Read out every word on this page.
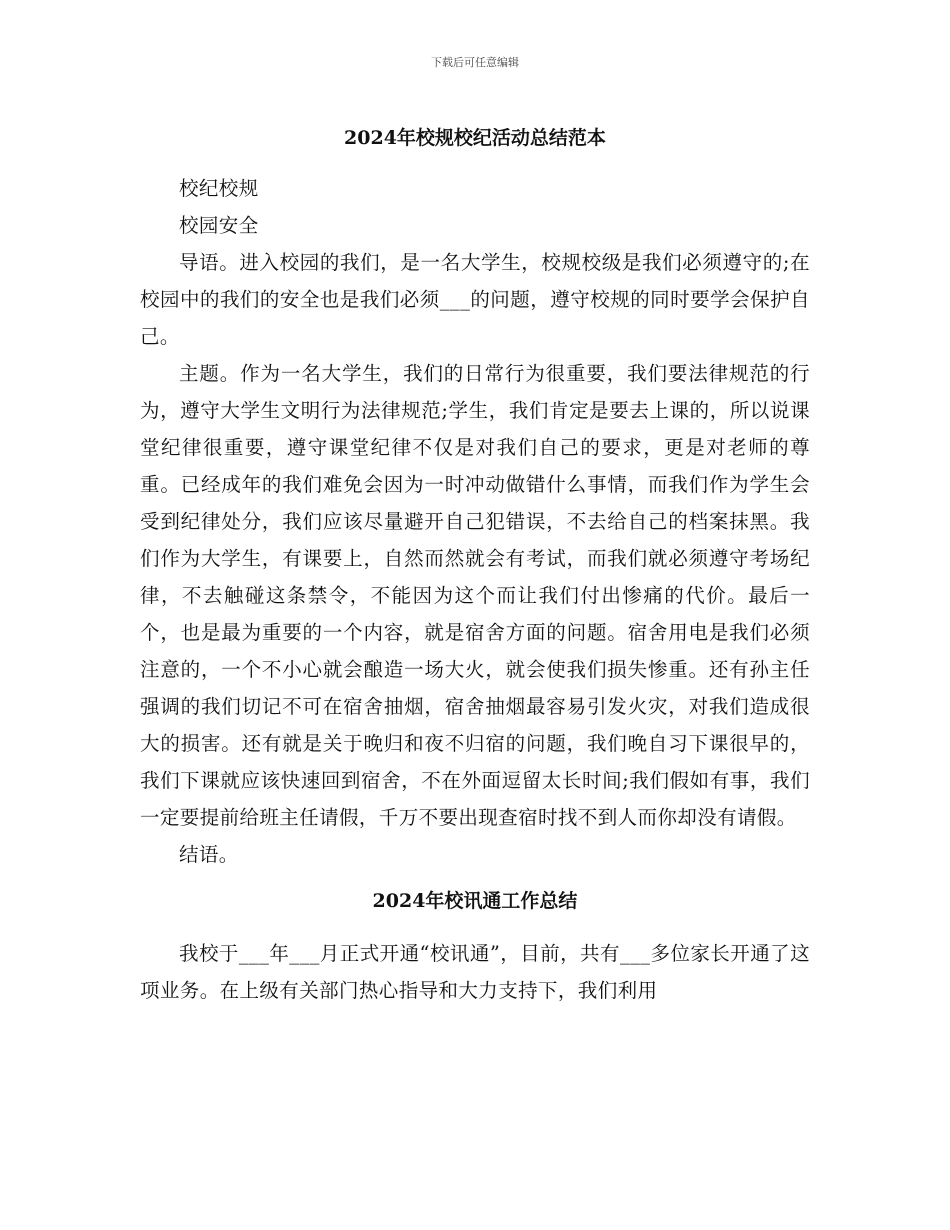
下载后可任意编辑
2024年校规校纪活动总结范本

校纪校规

校园安全

导语。进入校园的我们，是一名大学生，校规校级是我们必须遵守的;在校园中的我们的安全也是我们必须___的问题，遵守校规的同时要学会保护自己。

主题。作为一名大学生，我们的日常行为很重要，我们要法律规范的行为，遵守大学生文明行为法律规范;学生，我们肯定是要去上课的，所以说课堂纪律很重要，遵守课堂纪律不仅是对我们自己的要求，更是对老师的尊重。已经成年的我们难免会因为一时冲动做错什么事情，而我们作为学生会受到纪律处分，我们应该尽量避开自己犯错误，不去给自己的档案抹黑。我们作为大学生，有课要上，自然而然就会有考试，而我们就必须遵守考场纪律，不去触碰这条禁令，不能因为这个而让我们付出惨痛的代价。最后一个，也是最为重要的一个内容，就是宿舍方面的问题。宿舍用电是我们必须注意的，一个不小心就会酿造一场大火，就会使我们损失惨重。还有孙主任强调的我们切记不可在宿舍抽烟，宿舍抽烟最容易引发火灾，对我们造成很大的损害。还有就是关于晚归和夜不归宿的问题，我们晚自习下课很早的，我们下课就应该快速回到宿舍，不在外面逗留太长时间;我们假如有事，我们一定要提前给班主任请假，千万不要出现查宿时找不到人而你却没有请假。

结语。

2024年校讯通工作总结

我校于___年___月正式开通“校讯通”，目前，共有___多位家长开通了这项业务。在上级有关部门热心指导和大力支持下，我们利用
